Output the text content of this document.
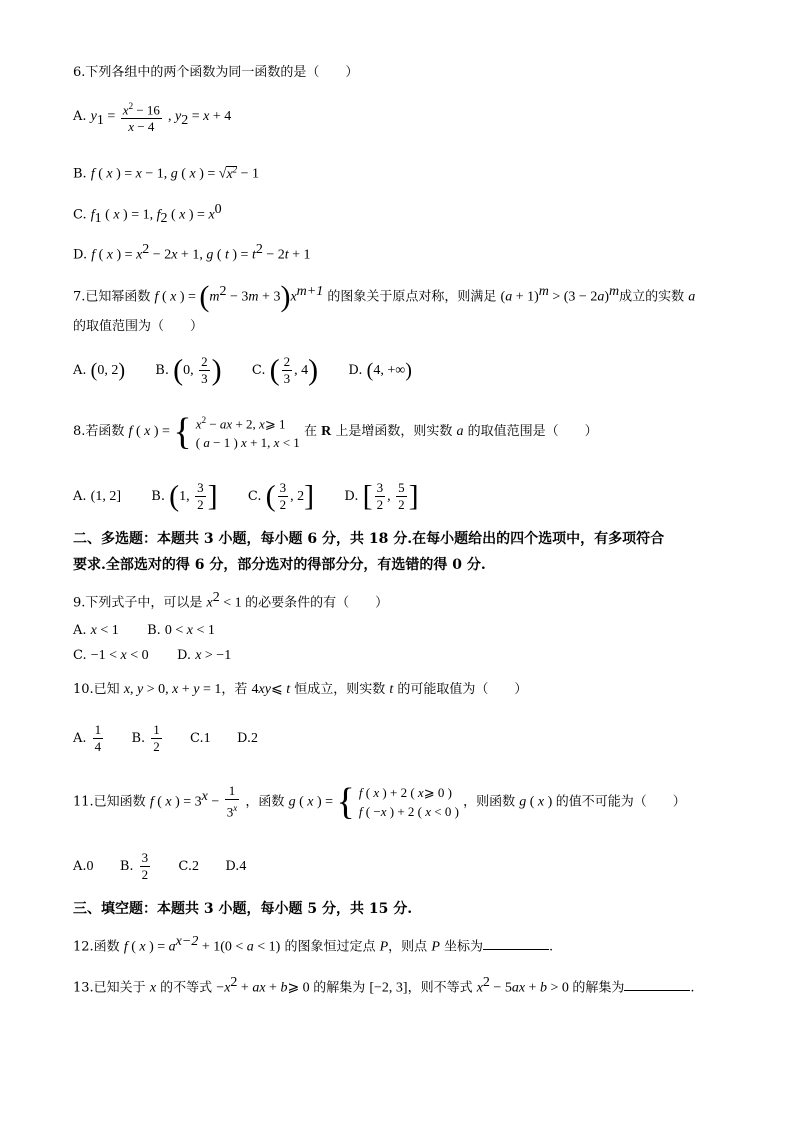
6.下列各组中的两个函数为同一函数的是（　　）
A. $y_1 = \frac{x^2 - 16}{x - 4}$ , $y_2 = x + 4$
B. f ( x ) = x − 1, g ( x ) = $√x^2 - 1$
C. $f_1$ ( x ) = 1, $f_2$ ( x ) = $x^0$
D. f ( x ) = $x^2 - 2x + 1$, g ( t ) = $t^2 - 2t + 1$
7.已知幂函数 f ( x ) = $(m^2 - 3m + 3)x^{m+1}$ 的图象关于原点对称，则满足 $(a + 1)^m > (3 - 2a)^m$成立的实数 a
的取值范围为（　　）
A. (0, 2) B. (0, $\frac{2}{3}$ ) C. ( $\frac{2}{3}$ , 4) D. (4, +∞)
8.若函数 f ( x ) = { $x^2$ − ax + 2, x⩾ 1
( a − 1 ) x + 1, x < 1
在 R 上是增函数，则实数 a 的取值范围是（　　）
A. (1, 2] B. (1, $\frac{3}{2}$ ] C. ( $\frac{3}{2}$ , 2] D. [ $\frac{3}{2}$ , $\frac{5}{2}$ ]
二、多选题：本题共 3 小题，每小题 6 分，共 18 分.在每小题给出的四个选项中，有多项符合
要求.全部选对的得 6 分，部分选对的得部分分，有选错的得 0 分.
9.下列式子中，可以是 $x^2 < 1$ 的必要条件的有（　　）
A. x < 1 B. 0 < x < 1
C. −1 < x < 0 D. x > −1
10.已知 x, y > 0, x + y = 1，若 4xy⩽ t 恒成立，则实数 t 的可能取值为（　　）
A. $\frac{1}{4} B$. $\frac{1}{2} C.1$ D.2
11.已知函数 f ( x ) = $3^x - \frac{1}{3^x}$ ，函数 g ( x ) = { f ( x ) + 2 ( x⩾ 0 )
f ( −x ) + 2 ( x < 0 )
，则函数 g ( x ) 的值不可能为（　　）
A.0 B. $\frac{3}{2} C.2$ D.4
三、填空题：本题共 3 小题，每小题 5 分，共 15 分.
12.函数 f ( x ) = $a^{x-2} + 1(0 < a < 1)$ 的图象恒过定点 P，则点 P 坐标为	.
13.已知关于 x 的不等式 $-x^2$ + ax + b⩾ 0 的解集为 [−2, 3]，则不等式 $x^2 - 5ax + b > 0$ 的解集为	.
